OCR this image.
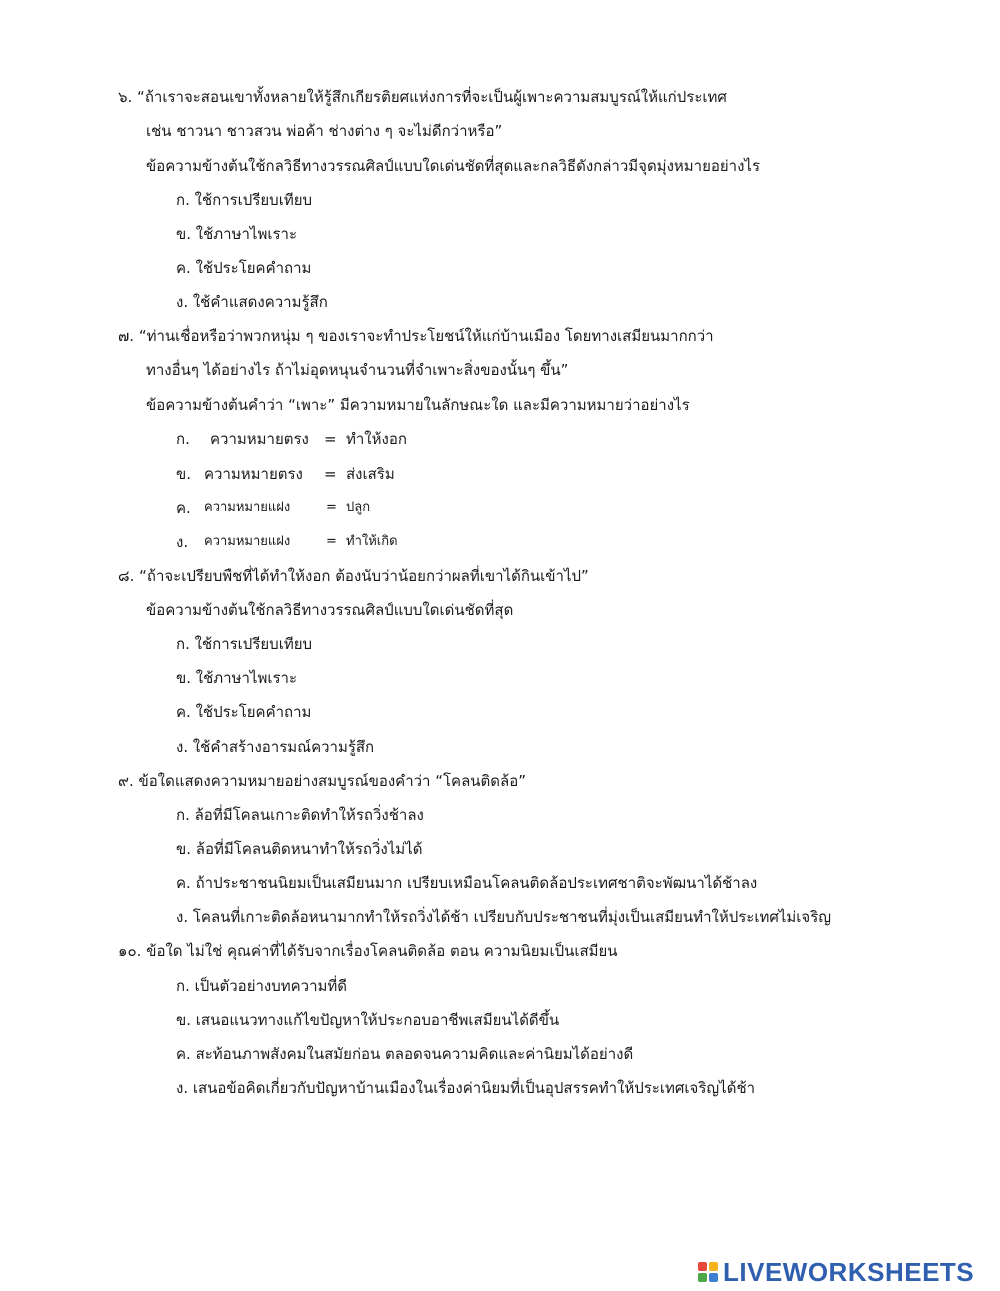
๖. “ถ้าเราจะสอนเขาทั้งหลายให้รู้สึกเกียรติยศแห่งการที่จะเป็นผู้เพาะความสมบูรณ์ให้แก่ประเทศ
เช่น ชาวนา ชาวสวน พ่อค้า ช่างต่าง ๆ จะไม่ดีกว่าหรือ”
ข้อความข้างต้นใช้กลวิธีทางวรรณศิลป์แบบใดเด่นชัดที่สุดและกลวิธีดังกล่าวมีจุดมุ่งหมายอย่างไร
ก. ใช้การเปรียบเทียบ
ข. ใช้ภาษาไพเราะ
ค. ใช้ประโยคคำถาม
ง. ใช้คำแสดงความรู้สึก
๗. “ท่านเชื่อหรือว่าพวกหนุ่ม ๆ ของเราจะทำประโยชน์ให้แก่บ้านเมือง โดยทางเสมียนมากกว่า
ทางอื่นๆ ได้อย่างไร ถ้าไม่อุดหนุนจำนวนที่จำเพาะสิ่งของนั้นๆ ขึ้น”
ข้อความข้างต้นคำว่า “เพาะ” มีความหมายในลักษณะใด และมีความหมายว่าอย่างไร
ก. ความหมายตรง = ทำให้งอก
ข. ความหมายตรง = ส่งเสริม
ค. ความหมายแฝง	= ปลูก
ง. ความหมายแฝง	= ทำให้เกิด
๘. “ถ้าจะเปรียบพืชที่ได้ทำให้งอก ต้องนับว่าน้อยกว่าผลที่เขาได้กินเข้าไป”
ข้อความข้างต้นใช้กลวิธีทางวรรณศิลป์แบบใดเด่นชัดที่สุด
ก. ใช้การเปรียบเทียบ
ข. ใช้ภาษาไพเราะ
ค. ใช้ประโยคคำถาม
ง. ใช้คำสร้างอารมณ์ความรู้สึก
๙. ข้อใดแสดงความหมายอย่างสมบูรณ์ของคำว่า “โคลนติดล้อ”
ก. ล้อที่มีโคลนเกาะติดทำให้รถวิ่งช้าลง
ข. ล้อที่มีโคลนติดหนาทำให้รถวิ่งไม่ได้
ค. ถ้าประชาชนนิยมเป็นเสมียนมาก เปรียบเหมือนโคลนติดล้อประเทศชาติจะพัฒนาได้ช้าลง
ง. โคลนที่เกาะติดล้อหนามากทำให้รถวิ่งได้ช้า เปรียบกับประชาชนที่มุ่งเป็นเสมียนทำให้ประเทศไม่เจริญ
๑๐. ข้อใด ไม่ใช่ คุณค่าที่ได้รับจากเรื่องโคลนติดล้อ ตอน ความนิยมเป็นเสมียน
ก. เป็นตัวอย่างบทความที่ดี
ข. เสนอแนวทางแก้ไขปัญหาให้ประกอบอาชีพเสมียนได้ดีขึ้น
ค. สะท้อนภาพสังคมในสมัยก่อน ตลอดจนความคิดและค่านิยมได้อย่างดี
ง. เสนอข้อคิดเกี่ยวกับปัญหาบ้านเมืองในเรื่องค่านิยมที่เป็นอุปสรรคทำให้ประเทศเจริญได้ช้า
LIVEWORKSHEETS
